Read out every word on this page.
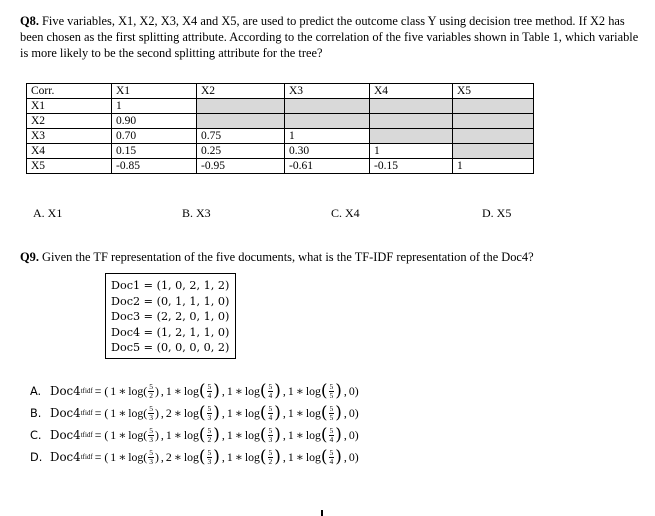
Q8. Five variables, X1, X2, X3, X4 and X5, are used to predict the outcome class Y using decision tree method. If X2 has been chosen as the first splitting attribute. According to the correlation of the five variables shown in Table 1, which variable is more likely to be the second splitting attribute for the tree?
Corr.	X1	X2	X3	X4	X5
X1	1				
X2	0.90				
X3	0.70	0.75	1		
X4	0.15	0.25	0.30	1	
X5	-0.85	-0.95	-0.61	-0.15	1
A. X1	B. X3	C. X4	D. X5
Q9. Given the TF representation of the five documents, what is the TF-IDF representation of the Doc4?
Doc1 = (1, 0, 2, 1, 2)
Doc2 = (0, 1, 1, 1, 0)
Doc3 = (2, 2, 0, 1, 0)
Doc4 = (1, 2, 1, 1, 0)
Doc5 = (0, 0, 0, 0, 2)
A. Doc4 tfidf = ( 1 ∗ log ( $\frac{5}{2}$ ) , 1 ∗ log ( $\frac{5}{4}$ ) , 1 ∗ log ( $\frac{5}{4}$ ) , 1 ∗ log ( $\frac{5}{5}$ ) , 0)
B. Doc4 tfidf = ( 1 ∗ log ( $\frac{5}{3}$ ) , 2 ∗ log ( $\frac{5}{3}$ ) , 1 ∗ log ( $\frac{5}{4}$ ) , 1 ∗ log ( $\frac{5}{5}$ ) , 0)
C. Doc4 tfidf = ( 1 ∗ log ( $\frac{5}{3}$ ) , 1 ∗ log ( $\frac{5}{2}$ ) , 1 ∗ log ( $\frac{5}{3}$ ) , 1 ∗ log ( $\frac{5}{4}$ ) , 0)
D. Doc4 tfidf = ( 1 ∗ log ( $\frac{5}{3}$ ) , 2 ∗ log ( $\frac{5}{3}$ ) , 1 ∗ log ( $\frac{5}{2}$ ) , 1 ∗ log ( $\frac{5}{4}$ ) , 0)
